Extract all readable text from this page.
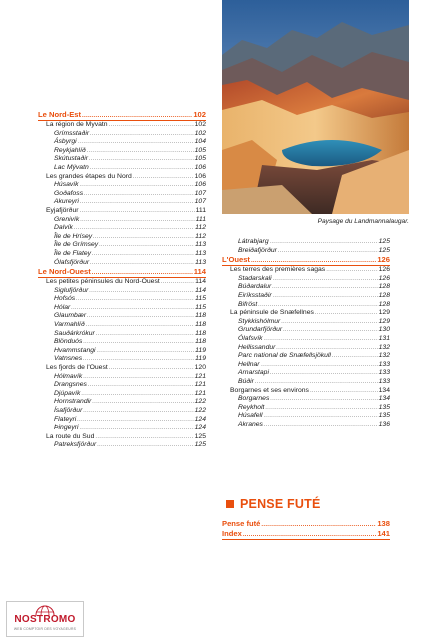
© CELIO - FOTOLIA
Paysage du Landmannalaugar.
Le Nord-Est .....	102
La région de Myvatn .....	102
Grímsstaðir .....	102
Ásbyrgi .....	104
Reykjahlíð .....	105
Skútustaðir .....	105
Lac Mývatn .....	106
Les grandes étapes du Nord .....	106
Húsavík .....	106
Goðafoss .....	107
Akureyri .....	107
Eyjafjörður .....	111
Grenivík .....	111
Dalvík .....	112
Île de Hrísey .....	112
Île de Grímsey .....	113
Île de Flatey .....	113
Ólafsfjörður .....	113
Le Nord-Ouest .....	114
Les petites péninsules du Nord-Ouest .....	114
Siglufjörður .....	114
Hofsós .....	115
Hólar .....	115
Glaumbær .....	118
Varmahlíð .....	118
Sauðárkrókur .....	118
Blönduós .....	118
Hvammstangi .....	119
Vatnsnes .....	119
Les fjords de l'Ouest .....	120
Hólmavík .....	121
Drangsnes .....	121
Djúpavík .....	121
Hornstrandir .....	122
Ísafjörður .....	122
Flateyri .....	124
Þingeyri .....	124
La route du Sud .....	125
Patreksfjörður .....	125
Látrabjarg .....	125
Breiðafjörður .....	125
L'Ouest .....	126
Les terres des premières sagas .....	126
Stadarskali .....	126
Búðardalur .....	128
Eiríksstaðir .....	128
Bifröst .....	128
La péninsule de Snæfellnes .....	129
Stykkishólmur .....	129
Grundarfjörður .....	130
Ólafsvík .....	131
Hellissandur .....	132
Parc national de Snæfellsjökull .....	132
Hellnar .....	133
Arnarstapi .....	133
Búðir .....	133
Borgarnes et ses environs .....	134
Borgarnes .....	134
Reykholt .....	135
Húsafell .....	135
Akranes .....	136
PENSE FUTÉ
Pense futé .....	138
Index .....	141
NOSTROMO
WEB COMPTOIR DES VOYAGEURS
